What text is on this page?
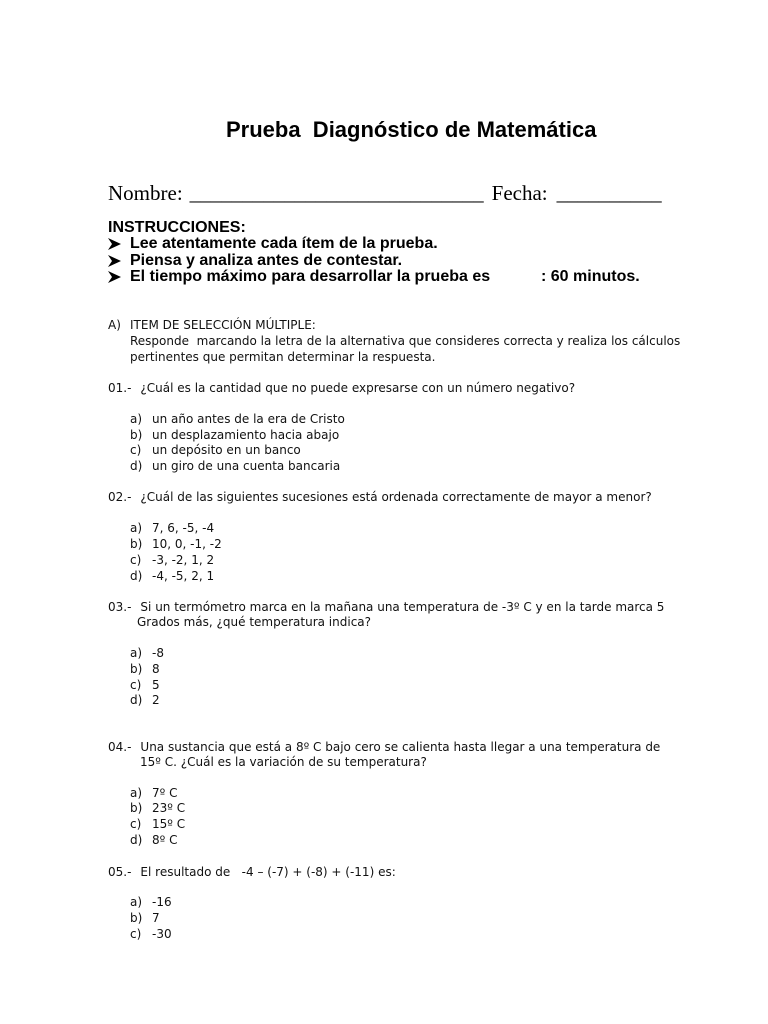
Prueba  Diagnóstico de Matemática
Nombre: ____________________________ Fecha: __________
INSTRUCCIONES:
Lee atentamente cada ítem de la prueba.
Piensa y analiza antes de contestar.
El tiempo máximo para desarrollar la prueba es	: 60 minutos.
A) ITEM DE SELECCIÓN MÚLTIPLE:
Responde  marcando la letra de la alternativa que consideres correcta y realiza los cálculos
pertinentes que permitan determinar la respuesta.
01.- ¿Cuál es la cantidad que no puede expresarse con un número negativo?
a) un año antes de la era de Cristo
b) un desplazamiento hacia abajo
c) un depósito en un banco
d) un giro de una cuenta bancaria
02.- ¿Cuál de las siguientes sucesiones está ordenada correctamente de mayor a menor?
a) 7, 6, -5, -4
b) 10, 0, -1, -2
c) -3, -2, 1, 2
d) -4, -5, 2, 1
03.- Si un termómetro marca en la mañana una temperatura de -3º C y en la tarde marca 5
Grados más, ¿qué temperatura indica?
a) -8
b) 8
c) 5
d) 2
04.- Una sustancia que está a 8º C bajo cero se calienta hasta llegar a una temperatura de
15º C. ¿Cuál es la variación de su temperatura?
a) 7º C
b) 23º C
c) 15º C
d) 8º C
05.- El resultado de   -4 – (-7) + (-8) + (-11) es:
a) -16
b) 7
c) -30
